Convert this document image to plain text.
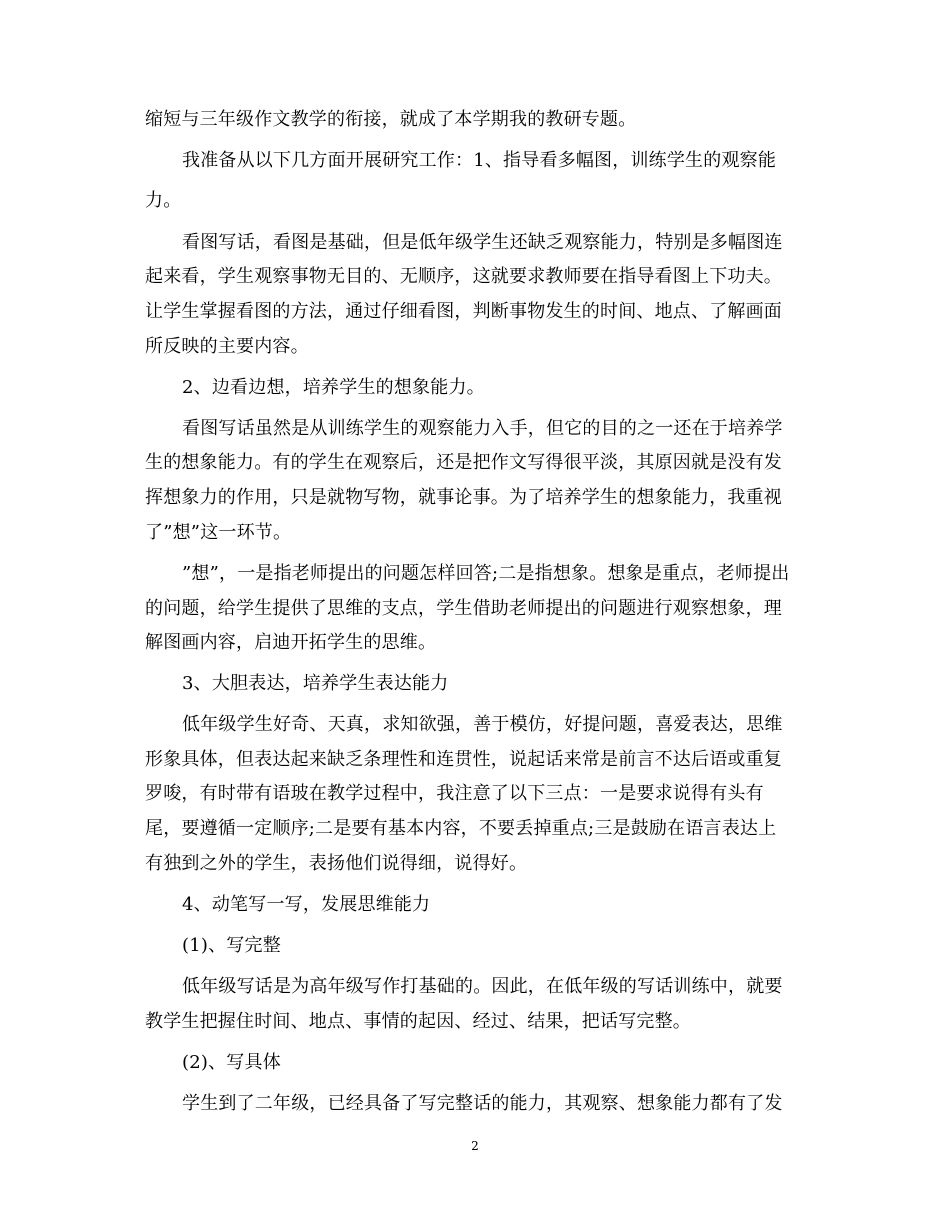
缩短与三年级作文教学的衔接，就成了本学期我的教研专题。
我准备从以下几方面开展研究工作：1、指导看多幅图，训练学生的观察能
力。
看图写话，看图是基础，但是低年级学生还缺乏观察能力，特别是多幅图连
起来看，学生观察事物无目的、无顺序，这就要求教师要在指导看图上下功夫。
让学生掌握看图的方法，通过仔细看图，判断事物发生的时间、地点、了解画面
所反映的主要内容。
2、边看边想，培养学生的想象能力。
看图写话虽然是从训练学生的观察能力入手，但它的目的之一还在于培养学
生的想象能力。有的学生在观察后，还是把作文写得很平淡，其原因就是没有发
挥想象力的作用，只是就物写物，就事论事。为了培养学生的想象能力，我重视
了”想”这一环节。
”想”，一是指老师提出的问题怎样回答;二是指想象。想象是重点，老师提出
的问题，给学生提供了思维的支点，学生借助老师提出的问题进行观察想象，理
解图画内容，启迪开拓学生的思维。
3、大胆表达，培养学生表达能力
低年级学生好奇、天真，求知欲强，善于模仿，好提问题，喜爱表达，思维
形象具体，但表达起来缺乏条理性和连贯性，说起话来常是前言不达后语或重复
罗唆，有时带有语玻在教学过程中，我注意了以下三点：一是要求说得有头有
尾，要遵循一定顺序;二是要有基本内容，不要丢掉重点;三是鼓励在语言表达上
有独到之外的学生，表扬他们说得细，说得好。
4、动笔写一写，发展思维能力
(1)、写完整
低年级写话是为高年级写作打基础的。因此，在低年级的写话训练中，就要
教学生把握住时间、地点、事情的起因、经过、结果，把话写完整。
(2)、写具体
学生到了二年级，已经具备了写完整话的能力，其观察、想象能力都有了发
2
